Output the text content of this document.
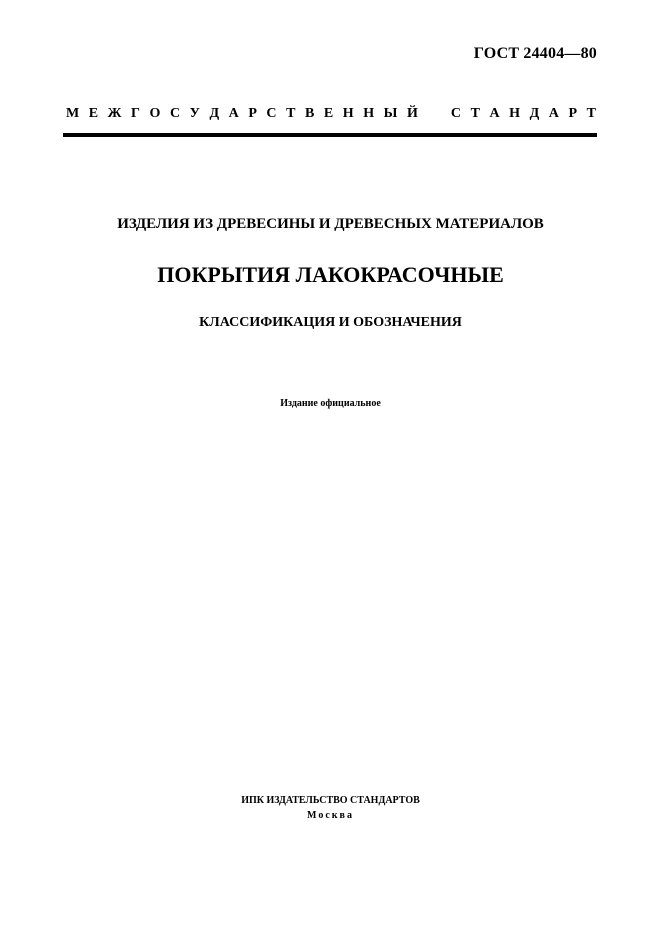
ГОСТ 24404—80
М Е Ж Г О С У Д А Р С Т В Е Н Н Ы Й С Т А Н Д А Р Т
ИЗДЕЛИЯ ИЗ ДРЕВЕСИНЫ И ДРЕВЕСНЫХ МАТЕРИАЛОВ
ПОКРЫТИЯ ЛАКОКРАСОЧНЫЕ
КЛАССИФИКАЦИЯ И ОБОЗНАЧЕНИЯ
Издание официальное
ИПК ИЗДАТЕЛЬСТВО СТАНДАРТОВ
Москва
